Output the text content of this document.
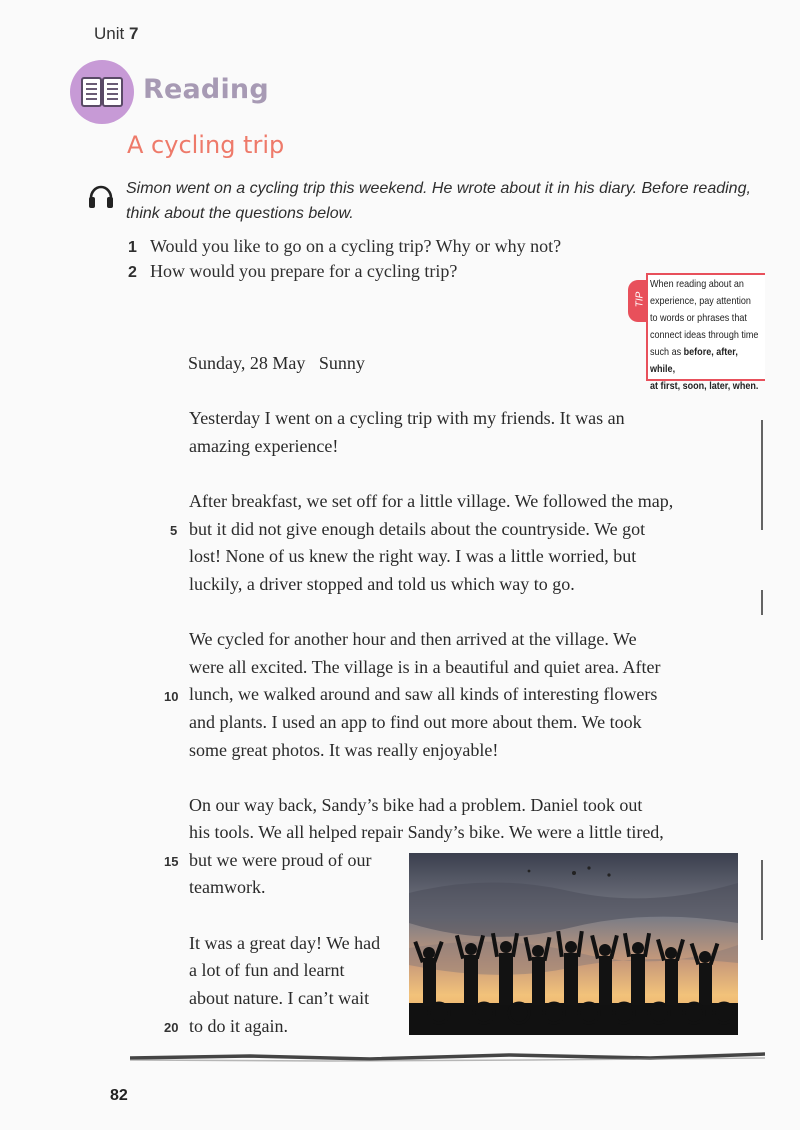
Unit 7
Reading
A cycling trip
Simon went on a cycling trip this weekend. He wrote about it in his diary. Before reading, think about the questions below.
1 Would you like to go on a cycling trip? Why or why not?
2 How would you prepare for a cycling trip?
TIP
When reading about an
experience, pay attention
to words or phrases that
connect ideas through time
such as before, after, while,
at first, soon, later, when.
Sunday, 28 May Sunny
Yesterday I went on a cycling trip with my friends. It was an
amazing experience!
After breakfast, we set off for a little village. We followed the map,
but it did not give enough details about the countryside. We got
lost! None of us knew the right way. I was a little worried, but
luckily, a driver stopped and told us which way to go.
We cycled for another hour and then arrived at the village. We
were all excited. The village is in a beautiful and quiet area. After
lunch, we walked around and saw all kinds of interesting flowers
and plants. I used an app to find out more about them. We took
some great photos. It was really enjoyable!
On our way back, Sandy’s bike had a problem. Daniel took out
his tools. We all helped repair Sandy’s bike. We were a little tired,
but we were proud of our
teamwork.
It was a great day! We had
a lot of fun and learnt
about nature. I can’t wait
to do it again.
5
10
15
20
82
